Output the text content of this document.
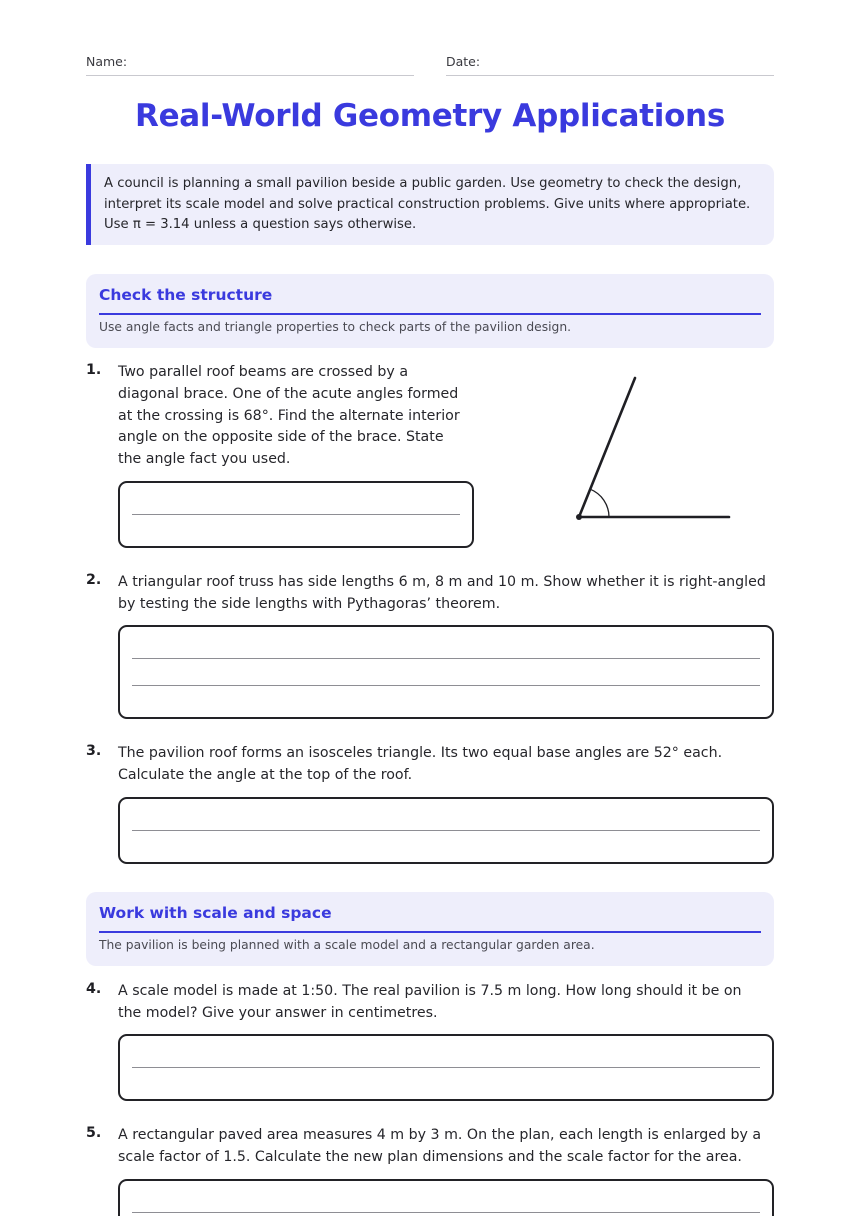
Name:	Date:
Real-World Geometry Applications
A council is planning a small pavilion beside a public garden. Use geometry to check the design, interpret its scale model and solve practical construction problems. Give units where appropriate. Use π = 3.14 unless a question says otherwise.
Check the structure
Use angle facts and triangle properties to check parts of the pavilion design.
1. Two parallel roof beams are crossed by a diagonal brace. One of the acute angles formed at the crossing is 68°. Find the alternate interior angle on the opposite side of the brace. State the angle fact you used.
2. A triangular roof truss has side lengths 6 m, 8 m and 10 m. Show whether it is right-angled by testing the side lengths with Pythagoras’ theorem.
3. The pavilion roof forms an isosceles triangle. Its two equal base angles are 52° each. Calculate the angle at the top of the roof.
Work with scale and space
The pavilion is being planned with a scale model and a rectangular garden area.
4. A scale model is made at 1:50. The real pavilion is 7.5 m long. How long should it be on the model? Give your answer in centimetres.
5. A rectangular paved area measures 4 m by 3 m. On the plan, each length is enlarged by a scale factor of 1.5. Calculate the new plan dimensions and the scale factor for the area.
